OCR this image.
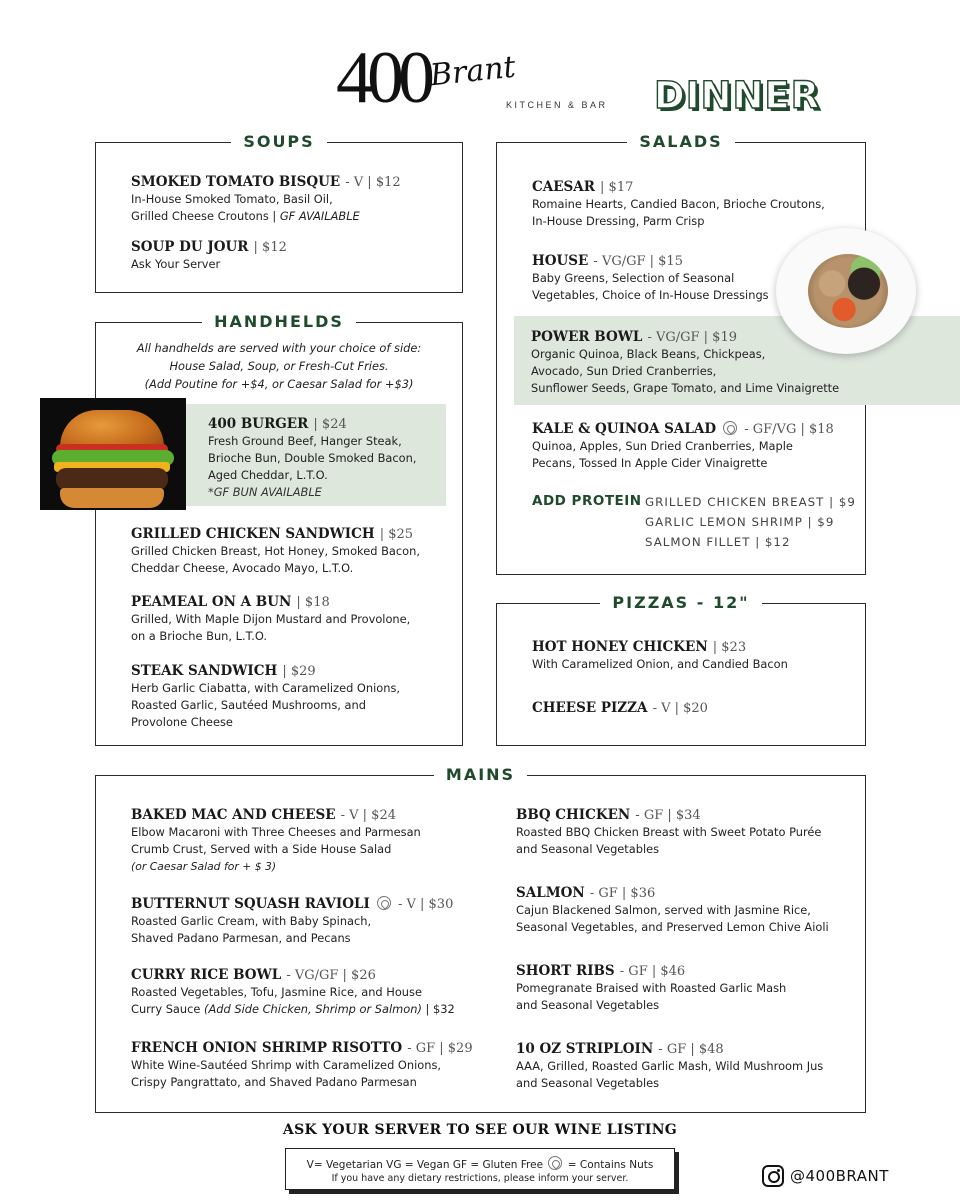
400 Brant
KITCHEN & BAR DINNER
SOUPS
SMOKED TOMATO BISQUE - V | $12
In-House Smoked Tomato, Basil Oil,
Grilled Cheese Croutons | GF AVAILABLE
SOUP DU JOUR | $12
Ask Your Server
HANDHELDS
All handhelds are served with your choice of side:
House Salad, Soup, or Fresh-Cut Fries.
(Add Poutine for +$4, or Caesar Salad for +$3)
400 BURGER | $24
Fresh Ground Beef, Hanger Steak,
Brioche Bun, Double Smoked Bacon,
Aged Cheddar, L.T.O.
*GF BUN AVAILABLE
GRILLED CHICKEN SANDWICH | $25
Grilled Chicken Breast, Hot Honey, Smoked Bacon,
Cheddar Cheese, Avocado Mayo, L.T.O.
PEAMEAL ON A BUN | $18
Grilled, With Maple Dijon Mustard and Provolone,
on a Brioche Bun, L.T.O.
STEAK SANDWICH | $29
Herb Garlic Ciabatta, with Caramelized Onions,
Roasted Garlic, Sautéed Mushrooms, and
Provolone Cheese
SALADS
CAESAR | $17
Romaine Hearts, Candied Bacon, Brioche Croutons,
In-House Dressing, Parm Crisp
HOUSE - VG/GF | $15
Baby Greens, Selection of Seasonal
Vegetables, Choice of In-House Dressings
KALE & QUINOA SALAD - GF/VG | $18
Quinoa, Apples, Sun Dried Cranberries, Maple
Pecans, Tossed In Apple Cider Vinaigrette
ADD PROTEIN GRILLED CHICKEN BREAST | $9
GARLIC LEMON SHRIMP | $9
SALMON FILLET | $12
POWER BOWL - VG/GF | $19
Organic Quinoa, Black Beans, Chickpeas,
Avocado, Sun Dried Cranberries,
Sunflower Seeds, Grape Tomato, and Lime Vinaigrette
PIZZAS - 12"
HOT HONEY CHICKEN | $23
With Caramelized Onion, and Candied Bacon
CHEESE PIZZA - V | $20
MAINS
BAKED MAC AND CHEESE - V | $24
Elbow Macaroni with Three Cheeses and Parmesan
Crumb Crust, Served with a Side House Salad
(or Caesar Salad for + $ 3)
BUTTERNUT SQUASH RAVIOLI - V | $30
Roasted Garlic Cream, with Baby Spinach,
Shaved Padano Parmesan, and Pecans
CURRY RICE BOWL - VG/GF | $26
Roasted Vegetables, Tofu, Jasmine Rice, and House
Curry Sauce (Add Side Chicken, Shrimp or Salmon) | $32
FRENCH ONION SHRIMP RISOTTO - GF | $29
White Wine-Sautéed Shrimp with Caramelized Onions,
Crispy Pangrattato, and Shaved Padano Parmesan
BBQ CHICKEN - GF | $34
Roasted BBQ Chicken Breast with Sweet Potato Purée
and Seasonal Vegetables
SALMON - GF | $36
Cajun Blackened Salmon, served with Jasmine Rice,
Seasonal Vegetables, and Preserved Lemon Chive Aioli
SHORT RIBS - GF | $46
Pomegranate Braised with Roasted Garlic Mash
and Seasonal Vegetables
10 OZ STRIPLOIN - GF | $48
AAA, Grilled, Roasted Garlic Mash, Wild Mushroom Jus
and Seasonal Vegetables
ASK YOUR SERVER TO SEE OUR WINE LISTING
V= Vegetarian VG = Vegan GF = Gluten Free  = Contains Nuts
If you have any dietary restrictions, please inform your server.	@400BRANT
